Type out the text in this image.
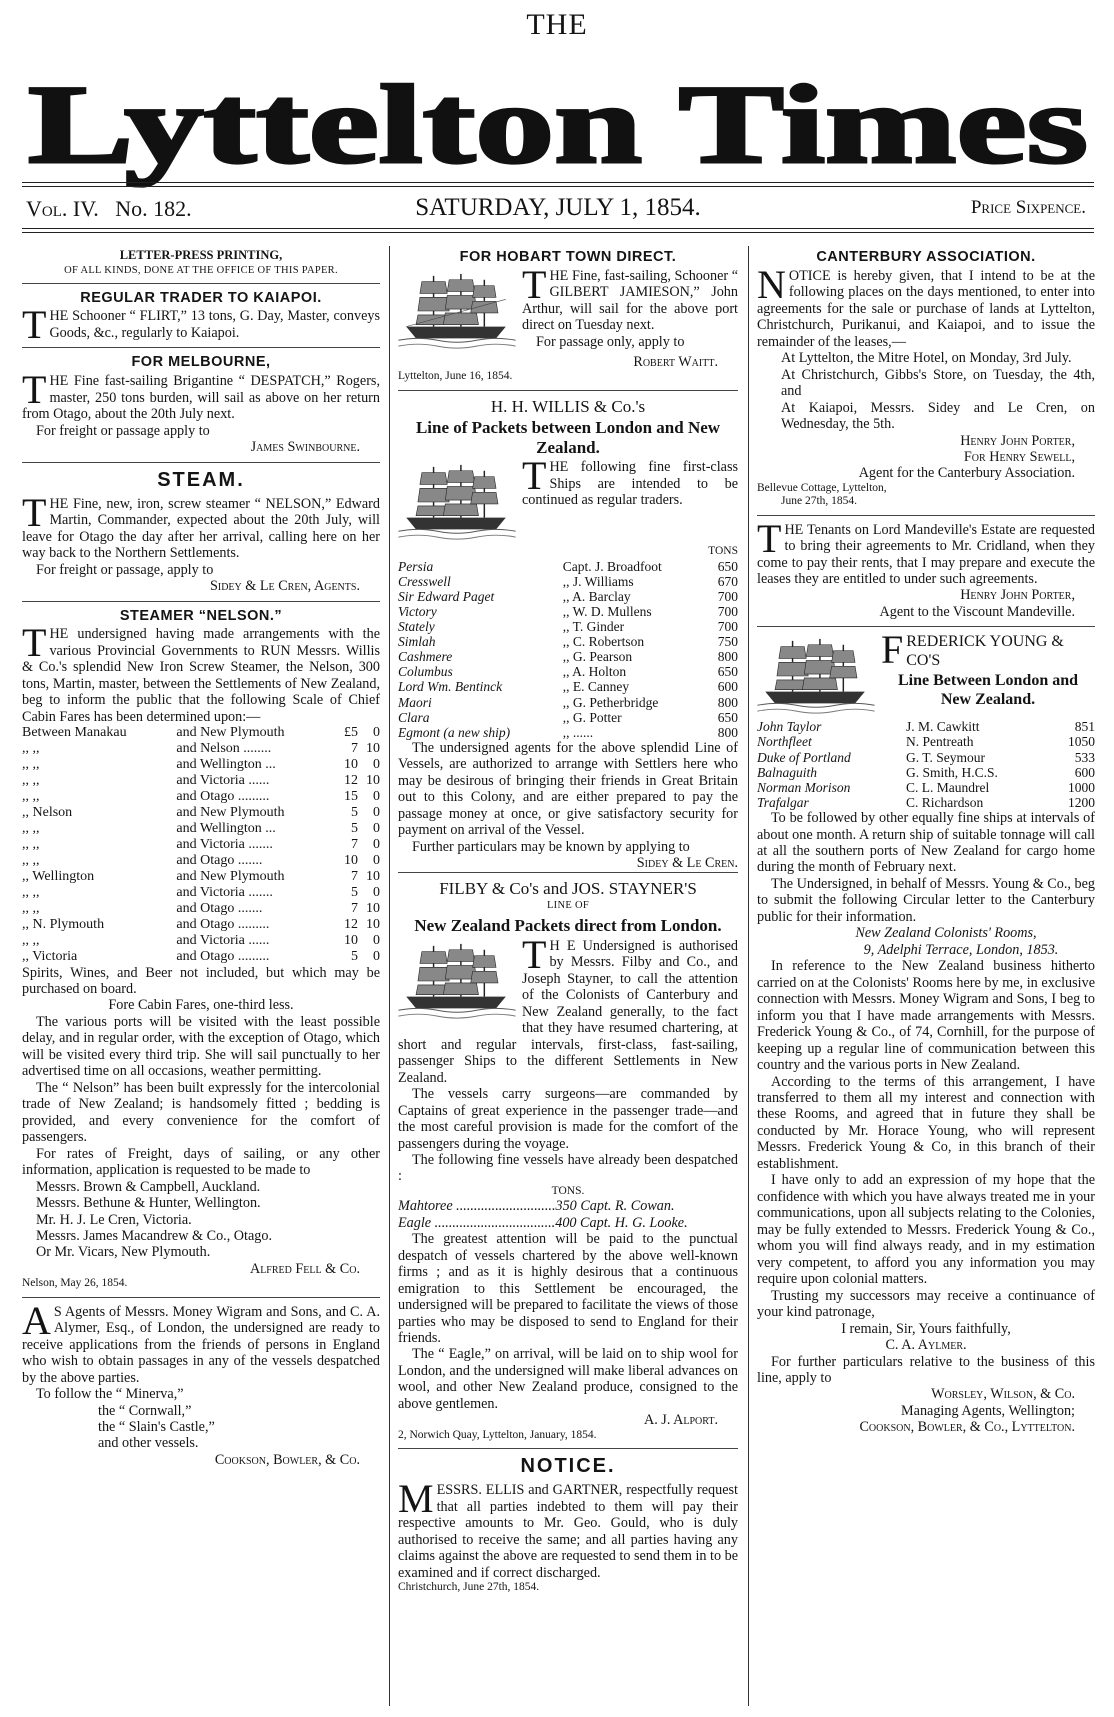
THE
Lyttelton Times
Vol. IV. No. 182.	SATURDAY, JULY 1, 1854.	Price Sixpence.
LETTER-PRESS PRINTING,
OF ALL KINDS, DONE AT THE OFFICE OF THIS PAPER.
REGULAR TRADER TO KAIAPOI.

THE Schooner “ FLIRT,” 13 tons, G. Day, Master, conveys Goods, &c., regularly to Kaiapoi.

FOR MELBOURNE,

THE Fine fast-sailing Brigantine “ DESPATCH,” Rogers, master, 250 tons burden, will sail as above on her return from Otago, about the 20th July next.

For freight or passage apply to

James Swinbourne.

STEAM.

THE Fine, new, iron, screw steamer “ NELSON,” Edward Martin, Commander, expected about the 20th July, will leave for Otago the day after her arrival, calling here on her way back to the Northern Settlements.

For freight or passage, apply to

Sidey & Le Cren, Agents.

STEAMER “NELSON.”

THE undersigned having made arrangements with the various Provincial Governments to RUN Messrs. Willis & Co.'s splendid New Iron Screw Steamer, the Nelson, 300 tons, Martin, master, between the Settlements of New Zealand, beg to inform the public that the following Scale of Chief Cabin Fares has been determined upon:—

Between Manakau	and New Plymouth	£5	0
,, ,,	and Nelson ........	7	10
,, ,,	and Wellington ...	10	0
,, ,,	and Victoria ......	12	10
,, ,,	and Otago .........	15	0
,, Nelson	and New Plymouth	5	0
,, ,,	and Wellington ...	5	0
,, ,,	and Victoria .......	7	0
,, ,,	and Otago .......	10	0
,, Wellington	and New Plymouth	7	10
,, ,,	and Victoria .......	5	0
,, ,,	and Otago .......	7	10
,, N. Plymouth	and Otago .........	12	10
,, ,,	and Victoria ......	10	0
,, Victoria	and Otago .........	5	0

Spirits, Wines, and Beer not included, but which may be purchased on board.

Fore Cabin Fares, one-third less.

The various ports will be visited with the least possible delay, and in regular order, with the exception of Otago, which will be visited every third trip. She will sail punctually to her advertised time on all occasions, weather permitting.

The “ Nelson” has been built expressly for the intercolonial trade of New Zealand; is handsomely fitted ; bedding is provided, and every convenience for the comfort of passengers.

For rates of Freight, days of sailing, or any other information, application is requested to be made to

Messrs. Brown & Campbell, Auckland.

Messrs. Bethune & Hunter, Wellington.

Mr. H. J. Le Cren, Victoria.

Messrs. James Macandrew & Co., Otago.

Or Mr. Vicars, New Plymouth.

Alfred Fell & Co.

Nelson, May 26, 1854.

A S Agents of Messrs. Money Wigram and Sons, and C. A. Alymer, Esq., of London, the undersigned are ready to receive applications from the friends of persons in England who wish to obtain passages in any of the vessels despatched by the above parties.

To follow the “ Minerva,”

the “ Cornwall,”

the “ Slain's Castle,”

and other vessels.

Cookson, Bowler, & Co.

FOR HOBART TOWN DIRECT.

THE Fine, fast-sailing, Schooner “ GILBERT JAMIESON,” John Arthur, will sail for the above port direct on Tuesday next.

For passage only, apply to

Robert Waitt.

Lyttelton, June 16, 1854.

H. H. WILLIS & Co.'s
Line of Packets between London and New Zealand.

THE following fine first-class Ships are intended to be continued as regular traders.

TONS

Persia	Capt. J. Broadfoot	650
Cresswell	,, J. Williams	670
Sir Edward Paget	,, A. Barclay	700
Victory	,, W. D. Mullens	700
Stately	,, T. Ginder	700
Simlah	,, C. Robertson	750
Cashmere	,, G. Pearson	800
Columbus	,, A. Holton	650
Lord Wm. Bentinck	,, E. Canney	600
Maori	,, G. Petherbridge	800
Clara	,, G. Potter	650
Egmont (a new ship)	,, ......	800

The undersigned agents for the above splendid Line of Vessels, are authorized to arrange with Settlers here who may be desirous of bringing their friends in Great Britain out to this Colony, and are either prepared to pay the passage money at once, or give satisfactory security for payment on arrival of the Vessel.

Further particulars may be known by applying to
Sidey & Le Cren.

FILBY & Co's and JOS. STAYNER'S
LINE OF
New Zealand Packets direct from London.

T H E Undersigned is authorised by Messrs. Filby and Co., and Joseph Stayner, to call the attention of the Colonists of Canterbury and New Zealand generally, to the fact that they have resumed chartering, at short and regular intervals, first-class, fast-sailing, passenger Ships to the different Settlements in New Zealand.

The vessels carry surgeons—are commanded by Captains of great experience in the passenger trade—and the most careful provision is made for the comfort of the passengers during the voyage.

The following fine vessels have already been despatched :

TONS.

Mahtoree ............................350 Capt. R. Cowan.

Eagle ..................................400 Capt. H. G. Looke.

The greatest attention will be paid to the punctual despatch of vessels chartered by the above well-known firms ; and as it is highly desirous that a continuous emigration to this Settlement be encouraged, the undersigned will be prepared to facilitate the views of those parties who may be disposed to send to England for their friends.

The “ Eagle,” on arrival, will be laid on to ship wool for London, and the undersigned will make liberal advances on wool, and other New Zealand produce, consigned to the above gentlemen.

A. J. Alport.

2, Norwich Quay, Lyttelton, January, 1854.

NOTICE.

MESSRS. ELLIS and GARTNER, respectfully request that all parties indebted to them will pay their respective amounts to Mr. Geo. Gould, who is duly authorised to receive the same; and all parties having any claims against the above are requested to send them in to be examined and if correct discharged.

Christchurch, June 27th, 1854.

CANTERBURY ASSOCIATION.

NOTICE is hereby given, that I intend to be at the following places on the days mentioned, to enter into agreements for the sale or purchase of lands at Lyttelton, Christchurch, Purikanui, and Kaiapoi, and to issue the remainder of the leases,—

At Lyttelton, the Mitre Hotel, on Monday, 3rd July.

At Christchurch, Gibbs's Store, on Tuesday, the 4th, and

At Kaiapoi, Messrs. Sidey and Le Cren, on Wednesday, the 5th.

Henry John Porter,

For Henry Sewell,

Agent for the Canterbury Association.

Bellevue Cottage, Lyttelton,

June 27th, 1854.

THE Tenants on Lord Mandeville's Estate are requested to bring their agreements to Mr. Cridland, when they come to pay their rents, that I may prepare and execute the leases they are entitled to under such agreements.

Henry John Porter,

Agent to the Viscount Mandeville.

FREDERICK YOUNG & CO'S

Line Between London and New Zealand.

John Taylor	J. M. Cawkitt	851
Northfleet	N. Pentreath	1050
Duke of Portland	G. T. Seymour	533
Balnaguith	G. Smith, H.C.S.	600
Norman Morison	C. L. Maundrel	1000
Trafalgar	C. Richardson	1200

To be followed by other equally fine ships at intervals of about one month. A return ship of suitable tonnage will call at all the southern ports of New Zealand for cargo home during the month of February next.

The Undersigned, in behalf of Messrs. Young & Co., beg to submit the following Circular letter to the Canterbury public for their information.

New Zealand Colonists' Rooms,

9, Adelphi Terrace, London, 1853.

In reference to the New Zealand business hitherto carried on at the Colonists' Rooms here by me, in exclusive connection with Messrs. Money Wigram and Sons, I beg to inform you that I have made arrangements with Messrs. Frederick Young & Co., of 74, Cornhill, for the purpose of keeping up a regular line of communication between this country and the various ports in New Zealand.

According to the terms of this arrangement, I have transferred to them all my interest and connection with these Rooms, and agreed that in future they shall be conducted by Mr. Horace Young, who will represent Messrs. Frederick Young & Co, in this branch of their establishment.

I have only to add an expression of my hope that the confidence with which you have always treated me in your communications, upon all subjects relating to the Colonies, may be fully extended to Messrs. Frederick Young & Co., whom you will find always ready, and in my estimation very competent, to afford you any information you may require upon colonial matters.

Trusting my successors may receive a continuance of your kind patronage,

I remain, Sir, Yours faithfully,

C. A. Aylmer.

For further particulars relative to the business of this line, apply to

Worsley, Wilson, & Co.

Managing Agents, Wellington;

Cookson, Bowler, & Co., Lyttelton.
